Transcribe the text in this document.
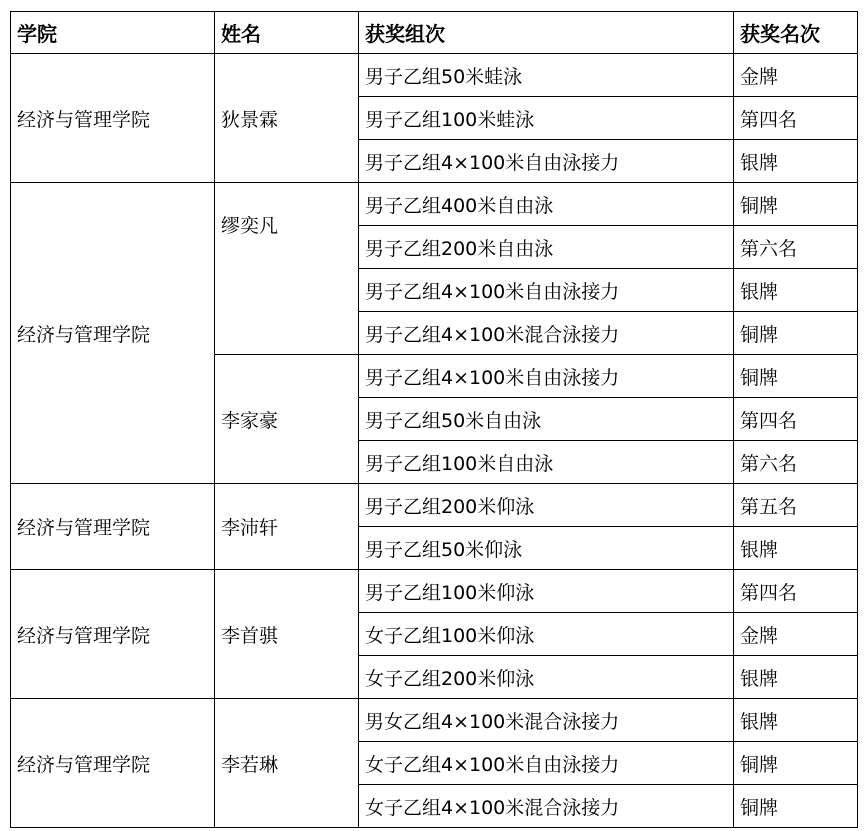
学院	姓名	获奖组次	获奖名次
经济与管理学院	狄景霖	男子乙组50米蛙泳	金牌
		男子乙组100米蛙泳	第四名
		男子乙组4×100米自由泳接力	银牌
经济与管理学院	缪奕凡	男子乙组400米自由泳	铜牌
		男子乙组200米自由泳	第六名
		男子乙组4×100米自由泳接力	银牌
		男子乙组4×100米混合泳接力	铜牌
	李家豪	男子乙组4×100米自由泳接力	铜牌
		男子乙组50米自由泳	第四名
		男子乙组100米自由泳	第六名
经济与管理学院	李沛轩	男子乙组200米仰泳	第五名
		男子乙组50米仰泳	银牌
经济与管理学院	李首骐	男子乙组100米仰泳	第四名
		女子乙组100米仰泳	金牌
		女子乙组200米仰泳	银牌
经济与管理学院	李若琳	男女乙组4×100米混合泳接力	银牌
		女子乙组4×100米自由泳接力	铜牌
		女子乙组4×100米混合泳接力	铜牌
